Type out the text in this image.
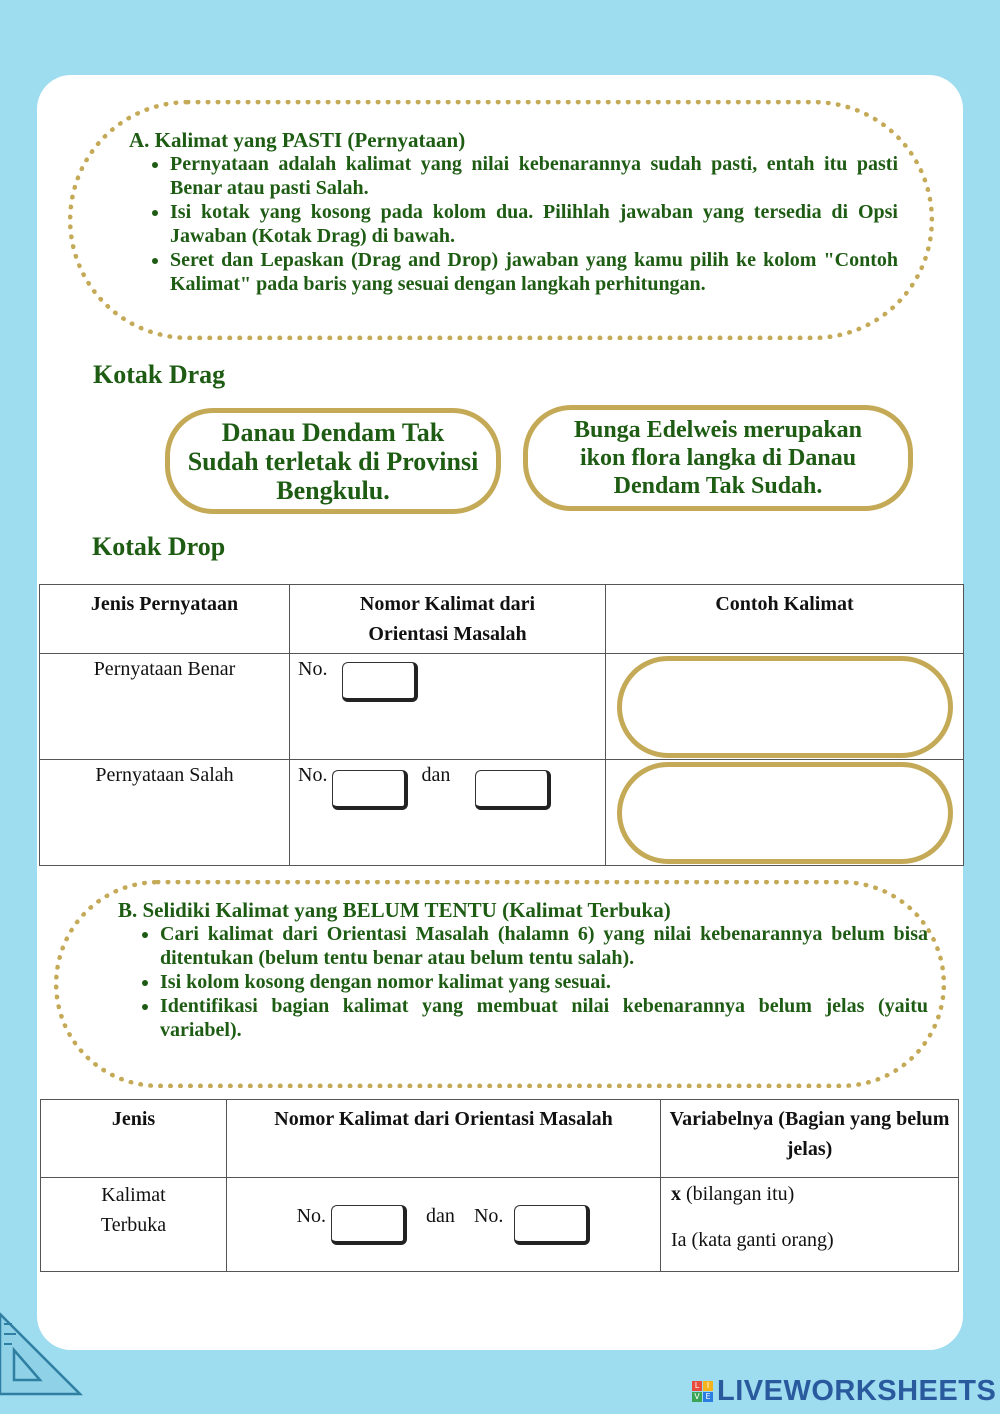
A. Kalimat yang PASTI (Pernyataan)
• Pernyataan adalah kalimat yang nilai kebenarannya sudah pasti, entah itu pasti Benar atau pasti Salah.
• Isi kotak yang kosong pada kolom dua. Pilihlah jawaban yang tersedia di Opsi Jawaban (Kotak Drag) di bawah.
• Seret dan Lepaskan (Drag and Drop) jawaban yang kamu pilih ke kolom "Contoh Kalimat" pada baris yang sesuai dengan langkah perhitungan.
Kotak Drag
Danau Dendam Tak Sudah terletak di Provinsi Bengkulu.
Bunga Edelweis merupakan ikon flora langka di Danau Dendam Tak Sudah.
Kotak Drop
Jenis Pernyataan	Nomor Kalimat dari Orientasi Masalah	Contoh Kalimat
Pernyataan Benar	No.	

Pernyataan Salah	No. dan	
B. Selidiki Kalimat yang BELUM TENTU (Kalimat Terbuka)
• Cari kalimat dari Orientasi Masalah (halamn 6) yang nilai kebenarannya belum bisa ditentukan (belum tentu benar atau belum tentu salah).
• Isi kolom kosong dengan nomor kalimat yang sesuai.
• Identifikasi bagian kalimat yang membuat nilai kebenarannya belum jelas (yaitu variabel).
Jenis	Nomor Kalimat dari Orientasi Masalah	Variabelnya (Bagian yang belum jelas)
Kalimat Terbuka	No. dan No.	x (bilangan itu)
Ia (kata ganti orang)
L I
V E LIVEWORKSHEETS
